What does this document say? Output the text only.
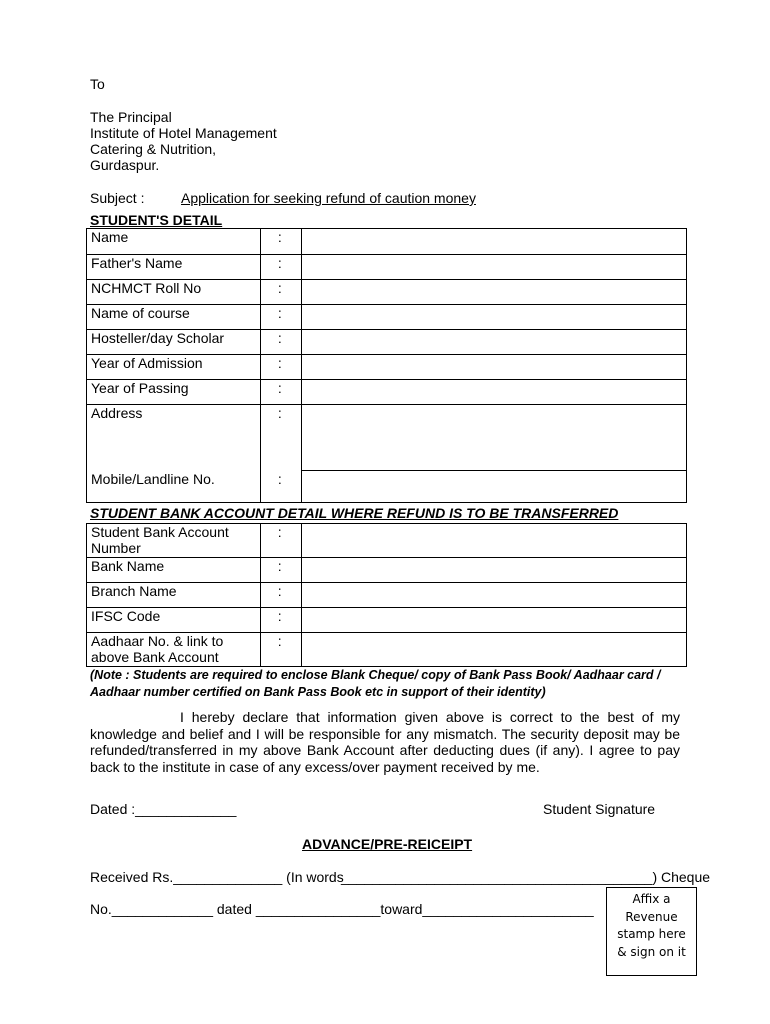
To
The Principal
Institute of Hotel Management
Catering & Nutrition,
Gurdaspur.
Subject :	Application for seeking refund of caution money
STUDENT'S DETAIL
Name	:	
Father's Name	:	
NCHMCT Roll No	:	
Name of course	:	
Hosteller/day Scholar	:	
Year of Admission	:	
Year of Passing	:	
Address	:	
Mobile/Landline No.	:	
STUDENT BANK ACCOUNT DETAIL WHERE REFUND IS TO BE TRANSFERRED
Student Bank Account
Number	:	
Bank Name	:	
Branch Name	:	
IFSC Code	:	

Aadhaar No. & link to
above Bank Account	:	
(Note : Students are required to enclose Blank Cheque/ copy of Bank Pass Book/ Aadhaar card /
Aadhaar number certified on Bank Pass Book etc in support of their identity)
I hereby declare that information given above is correct to the best of my knowledge and belief and I will be responsible for any mismatch. The security deposit may be refunded/transferred in my above Bank Account after deducting dues (if any). I agree to pay back to the institute in case of any excess/over payment received by me.
Dated :_____________	Student Signature
ADVANCE/PRE-REICEIPT
Received Rs.______________ (In words
________________________________________) Cheque
No._____________ dated ________________toward______________________
Affix a
Revenue
stamp here
& sign on it
